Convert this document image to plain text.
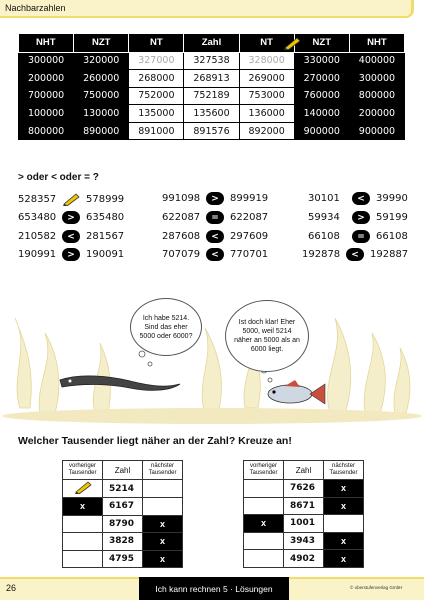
Nachbarzahlen
NHT	NZT	NT	Zahl	NT	NZT	NHT
300000	320000	327000	327538	328000	330000	400000
200000	260000	268000	268913	269000	270000	300000
700000	750000	752000	752189	753000	760000	800000
100000	130000	135000	135600	136000	140000	200000
800000	890000	891000	891576	892000	900000	900000
> oder < oder = ?
528357	578999
653480	>	635480
210582	<	281567
190991	>	190091
991098	>	899919
622087	=	622087
287608	<	297609
707079	<	770701
30101	<	39990
59934	>	59199
66108	=	66108
192878	<	192887
Ich habe 5214. Sind das eher 5000 oder 6000?
Ist doch klar! Eher 5000, weil 5214 näher an 5000 als an 6000 liegt.
Welcher Tausender liegt näher an der Zahl? Kreuze an!
vorheriger Tausender	Zahl	nächster Tausender
	5214	
x	6167	
	8790	x
	3828	x
	4795	x
vorheriger Tausender	Zahl	nächster Tausender
	7626	x
	8671	x
x	1001	
	3943	x
	4902	x
26	Ich kann rechnen 5 · Lösungen	© oberstufenverlag GmbH
